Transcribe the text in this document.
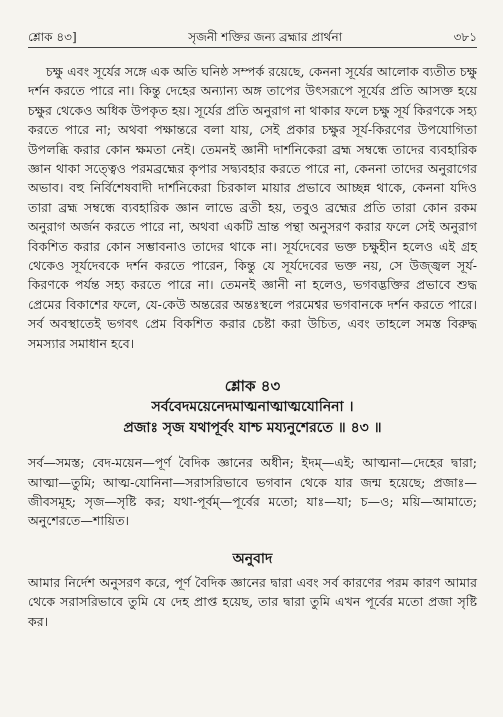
শ্লোক ৪৩]	সৃজনী শক্তির জন্য ব্রহ্মার প্রার্থনা	৩৮১

চক্ষু এবং সূর্যের সঙ্গে এক অতি ঘনিষ্ঠ সম্পর্ক রয়েছে, কেননা সূর্যের আলোক ব্যতীত চক্ষু দর্শন করতে পারে না। কিন্তু দেহের অন্যান্য অঙ্গ তাপের উৎসরূপে সূর্যের প্রতি আসক্ত হয়ে চক্ষুর থেকেও অধিক উপকৃত হয়। সূর্যের প্রতি অনুরাগ না থাকার ফলে চক্ষু সূর্য কিরণকে সহ্য করতে পারে না; অথবা পক্ষান্তরে বলা যায়, সেই প্রকার চক্ষুর সূর্য-কিরণের উপযোগিতা উপলব্ধি করার কোন ক্ষমতা নেই। তেমনই জ্ঞানী দার্শনিকেরা ব্রহ্ম সম্বন্ধে তাদের ব্যবহারিক জ্ঞান থাকা সত্ত্বেও পরমব্রহ্মের কৃপার সদ্ব্যবহার করতে পারে না, কেননা তাদের অনুরাগের অভাব। বহু নির্বিশেষবাদী দার্শনিকেরা চিরকাল মায়ার প্রভাবে আচ্ছন্ন থাকে, কেননা যদিও তারা ব্রহ্ম সম্বন্ধে ব্যবহারিক জ্ঞান লাভে ব্রতী হয়, তবুও ব্রহ্মের প্রতি তারা কোন রকম অনুরাগ অর্জন করতে পারে না, অথবা একটি ভ্রান্ত পন্থা অনুসরণ করার ফলে সেই অনুরাগ বিকশিত করার কোন সম্ভাবনাও তাদের থাকে না। সূর্যদেবের ভক্ত চক্ষুহীন হলেও এই গ্রহ থেকেও সূর্যদেবকে দর্শন করতে পারেন, কিন্তু যে সূর্যদেবের ভক্ত নয়, সে উজ্জ্বল সূর্য-কিরণকে পর্যন্ত সহ্য করতে পারে না। তেমনই জ্ঞানী না হলেও, ভগবদ্ভক্তির প্রভাবে শুদ্ধ প্রেমের বিকাশের ফলে, যে-কেউ অন্তরের অন্তঃস্থলে পরমেশ্বর ভগবানকে দর্শন করতে পারে। সর্ব অবস্থাতেই ভগবৎ প্রেম বিকশিত করার চেষ্টা করা উচিত, এবং তাহলে সমস্ত বিরুদ্ধ সমস্যার সমাধান হবে।

শ্লোক ৪৩
সর্ববেদময়েনেদমাত্মনাত্মাত্মযোনিনা ।
প্রজাঃ সৃজ যথাপূর্বং যাশ্চ ময্যনুশেরতে ॥ ৪৩ ॥

সর্ব—সমস্ত; বেদ-ময়েন—পূর্ণ বৈদিক জ্ঞানের অধীন; ইদম্—এই; আত্মনা—দেহের দ্বারা; আত্মা—তুমি; আত্ম-যোনিনা—সরাসরিভাবে ভগবান থেকে যার জন্ম হয়েছে; প্রজাঃ—জীবসমূহ; সৃজ—সৃষ্টি কর; যথা-পূর্বম্—পূর্বের মতো; যাঃ—যা; চ—ও; ময়ি—আমাতে; অনুশেরতে—শায়িত।

অনুবাদ

আমার নির্দেশ অনুসরণ করে, পূর্ণ বৈদিক জ্ঞানের দ্বারা এবং সর্ব কারণের পরম কারণ আমার থেকে সরাসরিভাবে তুমি যে দেহ প্রাপ্ত হয়েছ, তার দ্বারা তুমি এখন পূর্বের মতো প্রজা সৃষ্টি কর।
